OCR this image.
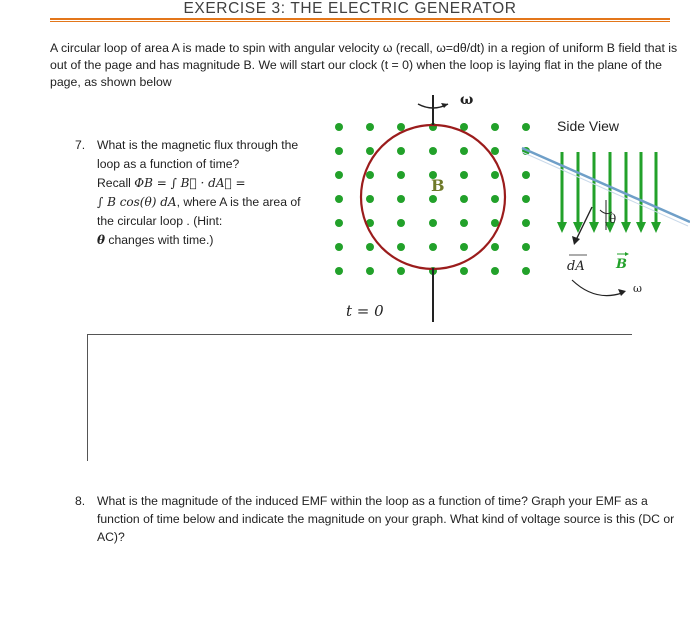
EXERCISE 3: THE ELECTRIC GENERATOR
A circular loop of area A is made to spin with angular velocity ω (recall, ω=dθ/dt) in a region of uniform B field that is out of the page and has magnitude B. We will start our clock (t = 0) when the loop is laying flat in the plane of the page, as shown below
7. What is the magnetic flux through the loop as a function of time?
Recall ΦB = ∫ B⃗ · dA⃗ =
∫ B cos(θ) dA, where A is the area of the circular loop . (Hint:
θ changes with time.)
ω
B
t = 0
θ
dA B
ω
Side View
8. What is the magnitude of the induced EMF within the loop as a function of time? Graph your EMF as a function of time below and indicate the magnitude on your graph. What kind of voltage source is this (DC or AC)?
